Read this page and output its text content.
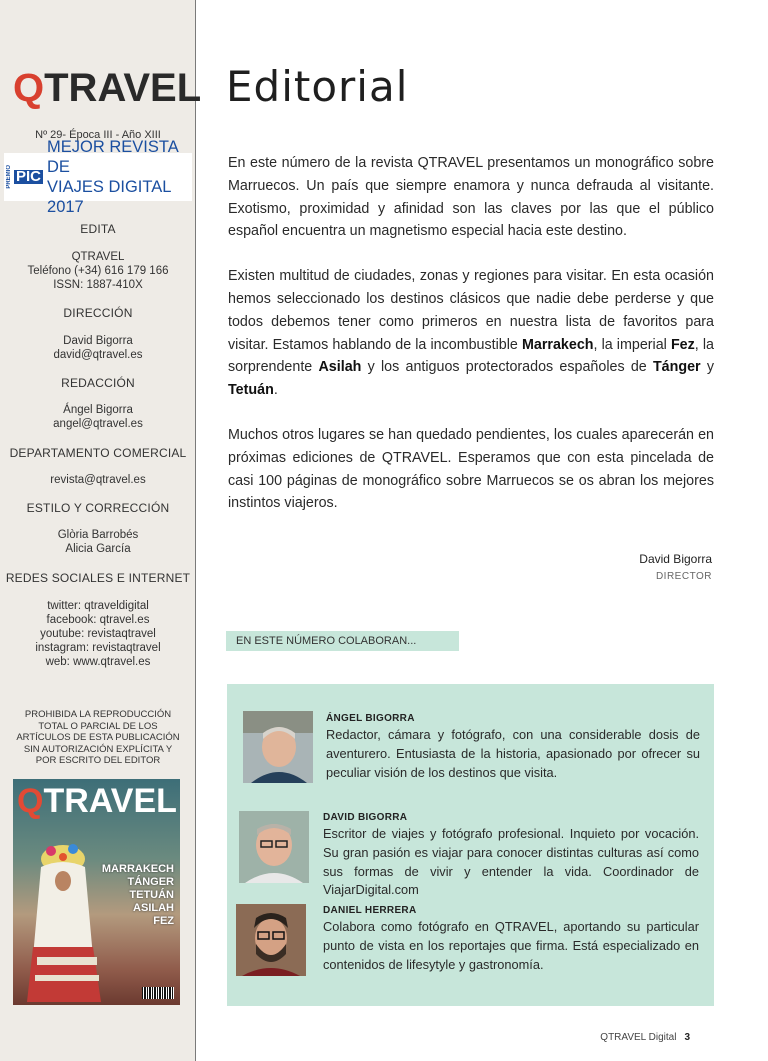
QTRAVEL
Nº 29- Época III - Año XIII
PREMIO PIC
MEJOR REVISTA DE
VIAJES DIGITAL 2017
EDITA
QTRAVEL
Teléfono (+34) 616 179 166
ISSN: 1887-410X
DIRECCIÓN
David Bigorra
david@qtravel.es
REDACCIÓN
Ángel Bigorra
angel@qtravel.es
DEPARTAMENTO COMERCIAL
revista@qtravel.es
ESTILO Y CORRECCIÓN
Glòria Barrobés
Alicia García
REDES SOCIALES E INTERNET
twitter: qtraveldigital
facebook: qtravel.es
youtube: revistaqtravel
instagram: revistaqtravel
web: www.qtravel.es
PROHIBIDA LA REPRODUCCIÓN
TOTAL O PARCIAL DE LOS
ARTÍCULOS DE ESTA PUBLICACIÓN
SIN AUTORIZACIÓN EXPLÍCITA Y
POR ESCRITO DEL EDITOR
QTRAVEL
MARRAKECH
TÁNGER
TETUÁN
ASILAH
FEZ
Editorial

En este número de la revista QTRAVEL presentamos un monográfico sobre Marruecos. Un país que siempre enamora y nunca defrauda al visitante. Exotismo, proximidad y afinidad son las claves por las que el público español encuentra un magnetismo especial hacia este destino.

Existen multitud de ciudades, zonas y regiones para visitar. En esta ocasión hemos seleccionado los destinos clásicos que nadie debe perderse y que todos debemos tener como primeros en nuestra lista de favoritos para visitar. Estamos hablando de la incombustible Marrakech, la imperial Fez, la sorprendente Asilah y los antiguos protectorados españoles de Tánger y Tetuán.

Muchos otros lugares se han quedado pendientes, los cuales aparecerán en próximas ediciones de QTRAVEL. Esperamos que con esta pincelada de casi 100 páginas de monográfico sobre Marruecos se os abran los mejores instintos viajeros.

David Bigorra
DIRECTOR
EN ESTE NÚMERO COLABORAN...
ÁNGEL BIGORRA
Redactor, cámara y fotógrafo, con una considerable dosis de aventurero. Entusiasta de la historia, apasionado por ofrecer su peculiar visión de los destinos que visita.
DAVID BIGORRA
Escritor de viajes y fotógrafo profesional. Inquieto por vocación. Su gran pasión es viajar para conocer distintas culturas así como sus formas de vivir y entender la vida. Coordinador de ViajarDigital.com
DANIEL HERRERA
Colabora como fotógrafo en QTRAVEL, aportando su particular punto de vista en los reportajes que firma. Está especializado en contenidos de lifesytyle y gastronomía.
QTRAVEL Digital 3
